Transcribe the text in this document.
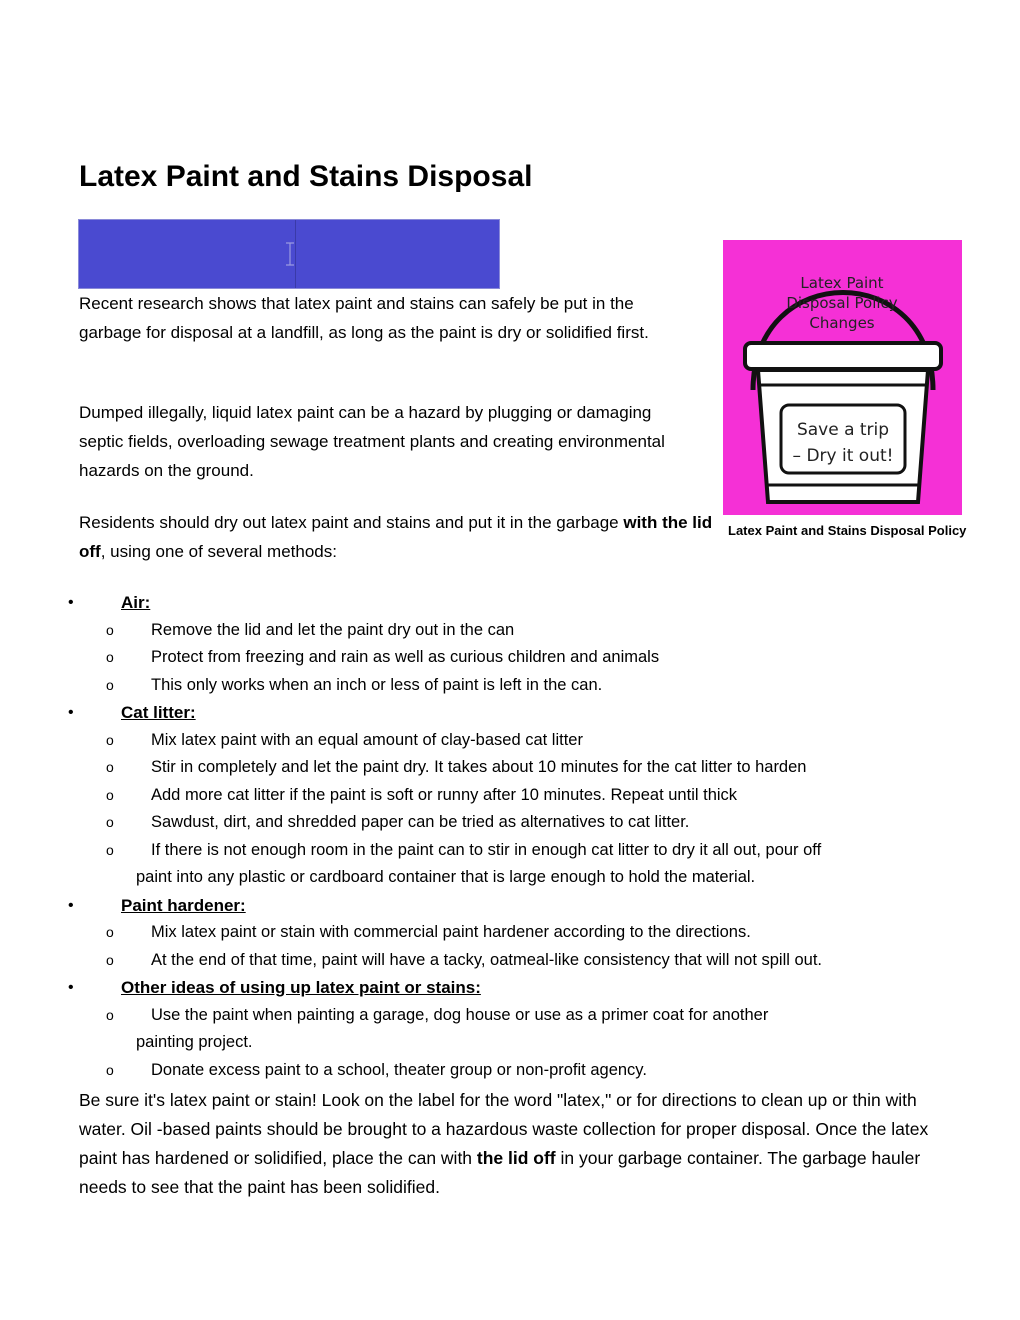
Latex Paint and Stains Disposal

Recent research shows that latex paint and stains can safely be put in the garbage for disposal at a landfill, as long as the paint is dry or solidified first.

Dumped illegally, liquid latex paint can be a hazard by plugging or damaging septic fields, overloading sewage treatment plants and creating environmental hazards on the ground.

Residents should dry out latex paint and stains and put it in the garbage with the lid off, using one of several methods:

Latex Paint
Disposal Policy
Changes
Save a trip
– Dry it out!
Latex Paint and Stains Disposal Policy
•	Air:
o Remove the lid and let the paint dry out in the can
o Protect from freezing and rain as well as curious children and animals
o This only works when an inch or less of paint is left in the can.
•	Cat litter:
o Mix latex paint with an equal amount of clay-based cat litter
o Stir in completely and let the paint dry. It takes about 10 minutes for the cat litter to harden
o Add more cat litter if the paint is soft or runny after 10 minutes. Repeat until thick
o Sawdust, dirt, and shredded paper can be tried as alternatives to cat litter.
o If there is not enough room in the paint can to stir in enough cat litter to dry it all out, pour off
paint into any plastic or cardboard container that is large enough to hold the material.
•	Paint hardener:
o Mix latex paint or stain with commercial paint hardener according to the directions.
o At the end of that time, paint will have a tacky, oatmeal-like consistency that will not spill out.
•	Other ideas of using up latex paint or stains:
o Use the paint when painting a garage, dog house or use as a primer coat for another
painting project.
o Donate excess paint to a school, theater group or non-profit agency.

Be sure it's latex paint or stain! Look on the label for the word "latex," or for directions to clean up or thin with water. Oil -based paints should be brought to a hazardous waste collection for proper disposal. Once the latex paint has hardened or solidified, place the can with the lid off in your garbage container. The garbage hauler needs to see that the paint has been solidified.
